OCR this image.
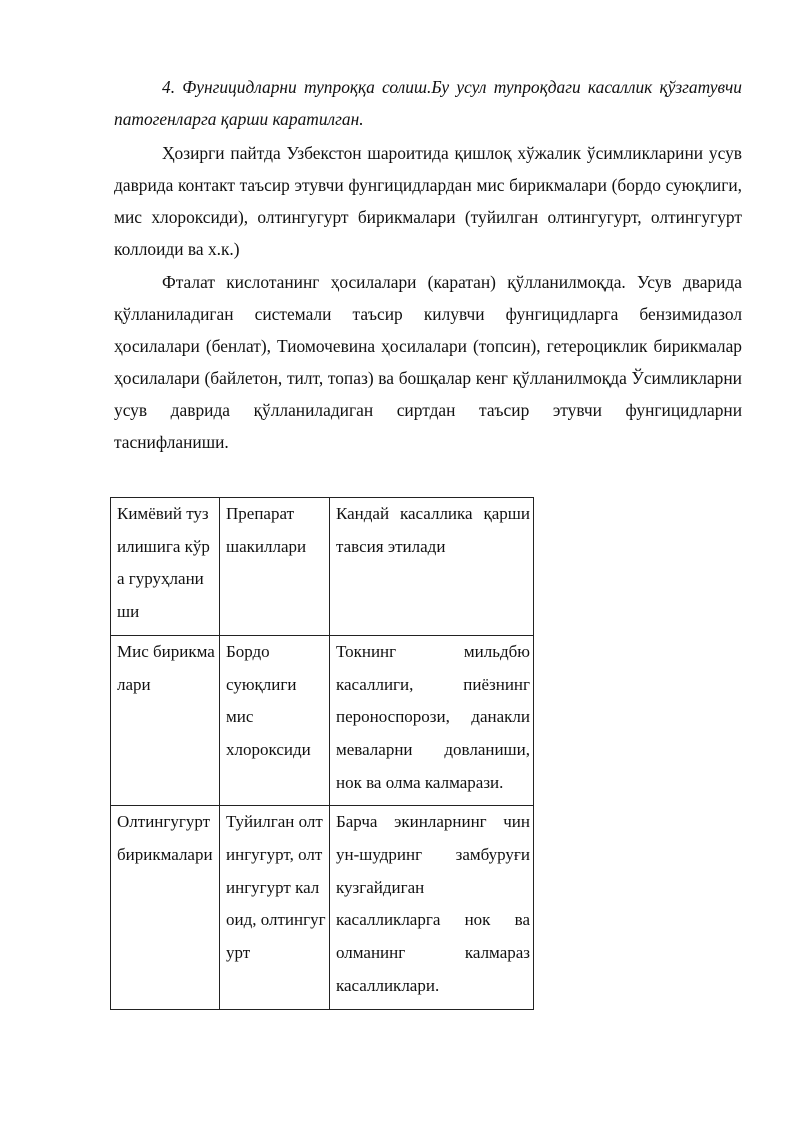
4. Фунгицидларни тупроққа солиш.Бу усул тупроқдаги касаллик қўзгатувчи патогенларга қарши каратилган.

Ҳозирги пайтда Узбекстон шароитида қишлоқ хўжалик ўсимликларини усув даврида контакт таъсир этувчи фунгицидлардан мис бирикмалари (бордо суюқлиги, мис хлороксиди), олтингугурт бирикмалари (туйилган олтингугурт, олтингугурт коллоиди ва х.к.)

Фталат кислотанинг ҳосилалари (каратан) қўлланилмоқда. Усув дварида қўлланиладиган системали таъсир килувчи фунгицидларга бензимидазол ҳосилалари (бенлат), Тиомочевина ҳосилалари (топсин), гетероциклик бирикмалар ҳосилалари (байлетон, тилт, топаз) ва бошқалар кенг қўлланилмоқда Ўсимликларни усув даврида қўлланиладиган сиртдан таъсир этувчи фунгицидларни таснифланиши.

Кимёвий тузилишига кўра гуруҳланиши	Препарат шакиллари	Кандай касаллика қарши тавсия этилади

Мис бирикмалари	Бордо суюқлиги мис хлороксиди	Токнинг мильдбю касаллиги, пиёзнинг пероноспорози, данакли меваларни довланиши, нок ва олма калмарази.

Олтингугурт бирикмалари	Туйилган олтингугурт, олтингугурт калоид, олтингугурт	Барча экинларнинг чин ун-шудринг замбуруғи кузгайдиган касалликларга нок ва олманинг калмараз касалликлари.
